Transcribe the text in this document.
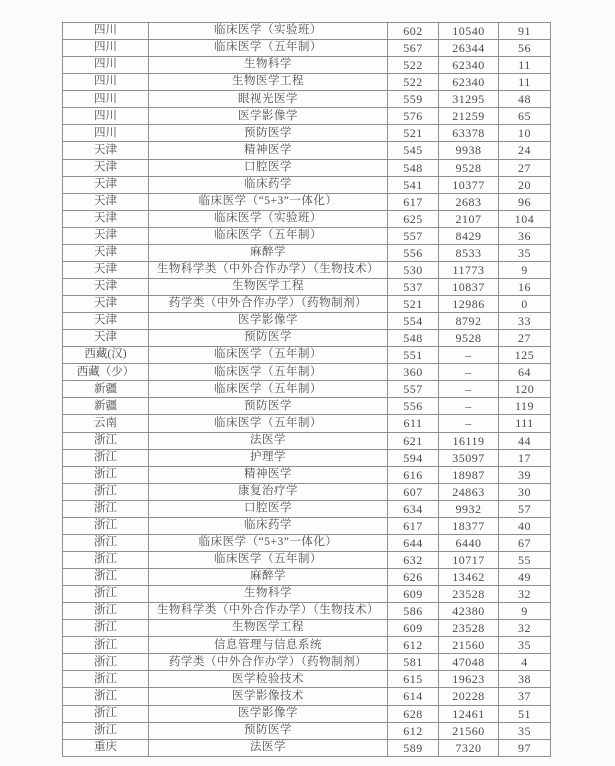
四川	临床医学（实验班）	602	10540	91
四川	临床医学（五年制）	567	26344	56
四川	生物科学	522	62340	11
四川	生物医学工程	522	62340	11
四川	眼视光医学	559	31295	48
四川	医学影像学	576	21259	65
四川	预防医学	521	63378	10
天津	精神医学	545	9938	24
天津	口腔医学	548	9528	27
天津	临床药学	541	10377	20
天津	临床医学（“5+3”一体化）	617	2683	96
天津	临床医学（实验班）	625	2107	104
天津	临床医学（五年制）	557	8429	36
天津	麻醉学	556	8533	35
天津	生物科学类（中外合作办学）（生物技术）	530	11773	9
天津	生物医学工程	537	10837	16
天津	药学类（中外合作办学）（药物制剂）	521	12986	0
天津	医学影像学	554	8792	33
天津	预防医学	548	9528	27
西藏(汉)	临床医学（五年制）	551	–	125
西藏（少）	临床医学（五年制）	360	–	64
新疆	临床医学（五年制）	557	–	120
新疆	预防医学	556	–	119
云南	临床医学（五年制）	611	–	111
浙江	法医学	621	16119	44
浙江	护理学	594	35097	17
浙江	精神医学	616	18987	39
浙江	康复治疗学	607	24863	30
浙江	口腔医学	634	9932	57
浙江	临床药学	617	18377	40
浙江	临床医学（“5+3”一体化）	644	6440	67
浙江	临床医学（五年制）	632	10717	55
浙江	麻醉学	626	13462	49
浙江	生物科学	609	23528	32
浙江	生物科学类（中外合作办学）（生物技术）	586	42380	9
浙江	生物医学工程	609	23528	32
浙江	信息管理与信息系统	612	21560	35
浙江	药学类（中外合作办学）（药物制剂）	581	47048	4
浙江	医学检验技术	615	19623	38
浙江	医学影像技术	614	20228	37
浙江	医学影像学	628	12461	51
浙江	预防医学	612	21560	35
重庆	法医学	589	7320	97
